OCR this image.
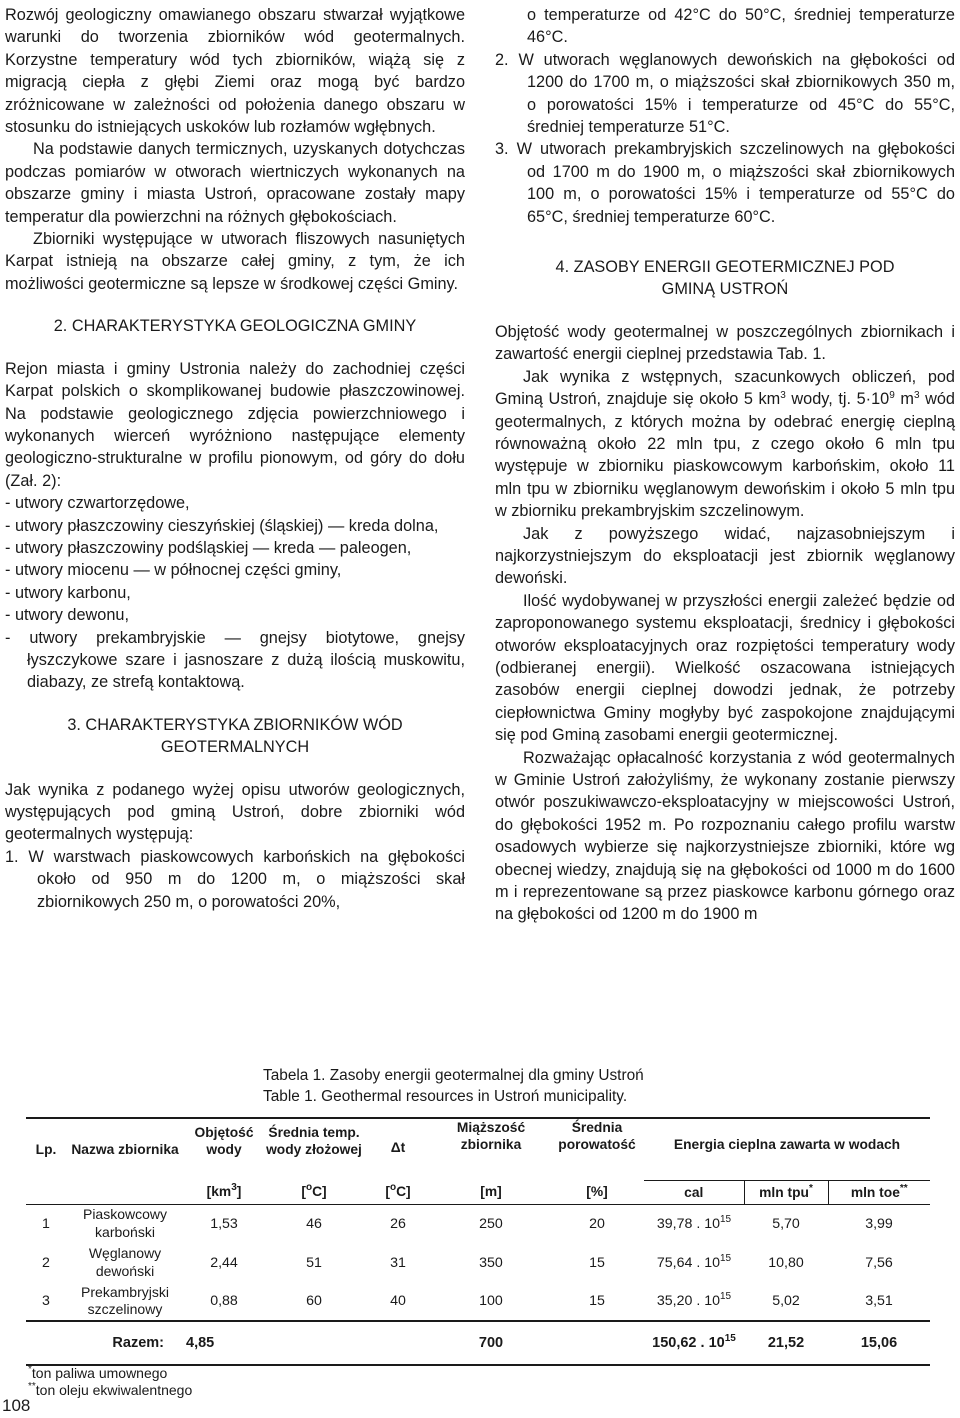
Rozwój geologiczny omawianego obszaru stwarzał wyjątkowe warunki do tworzenia zbiorników wód geotermalnych. Korzystne temperatury wód tych zbiorników, wiążą się z migracją ciepła z głębi Ziemi oraz mogą być bardzo zróżnicowane w zależności od położenia danego obszaru w stosunku do istniejących uskoków lub rozłamów wgłębnych.

Na podstawie danych termicznych, uzyskanych dotychczas podczas pomiarów w otworach wiertniczych wykonanych na obszarze gminy i miasta Ustroń, opracowane zostały mapy temperatur dla powierzchni na różnych głębokościach.

Zbiorniki występujące w utworach fliszowych nasuniętych Karpat istnieją na obszarze całej gminy, z tym, że ich możliwości geotermiczne są lepsze w środkowej części Gminy.

2. CHARAKTERYSTYKA GEOLOGICZNA GMINY

Rejon miasta i gminy Ustronia należy do zachodniej części Karpat polskich o skomplikowanej budowie płaszczowinowej. Na podstawie geologicznego zdjęcia powierzchniowego i wykonanych wierceń wyróżniono następujące elementy geologiczno-strukturalne w profilu pionowym, od góry do dołu (Zał. 2):

- utwory czwartorzędowe,
- utwory płaszczowiny cieszyńskiej (śląskiej) — kreda dolna,
- utwory płaszczowiny podśląskiej — kreda — paleogen,
- utwory miocenu — w północnej części gminy,
- utwory karbonu,
- utwory dewonu,
- utwory prekambryjskie — gnejsy biotytowe, gnejsy łyszczykowe szare i jasnoszare z dużą ilością muskowitu, diabazy, ze strefą kontaktową.
3. CHARAKTERYSTYKA ZBIORNIKÓW WÓD
GEOTERMALNYCH

Jak wynika z podanego wyżej opisu utworów geologicznych, występujących pod gminą Ustroń, dobre zbiorniki wód geotermalnych występują:

1. W warstwach piaskowcowych karbońskich na głębokości około od 950 m do 1200 m, o miąższości skał zbiornikowych 250 m, o porowatości 20%,
o temperaturze od 42°C do 50°C, średniej temperaturze 46°C.
2. W utworach węglanowych dewońskich na głębokości od 1200 do 1700 m, o miąższości skał zbiornikowych 350 m, o porowatości 15% i temperaturze od 45°C do 55°C, średniej temperaturze 51°C.
3. W utworach prekambryjskich szczelinowych na głębokości od 1700 m do 1900 m, o miąższości skał zbiornikowych 100 m, o porowatości 15% i temperaturze od 55°C do 65°C, średniej temperaturze 60°C.
4. ZASOBY ENERGII GEOTERMICZNEJ POD
GMINĄ USTROŃ

Objętość wody geotermalnej w poszczególnych zbiornikach i zawartość energii cieplnej przedstawia Tab. 1.

Jak wynika z wstępnych, szacunkowych obliczeń, pod Gminą Ustroń, znajduje się około 5 $km^3$ wody, tj. $5\cdot 10^9$ $m^3$ wód geotermalnych, z których można by odebrać energię cieplną równoważną około 22 mln tpu, z czego około 6 mln tpu występuje w zbiorniku piaskowcowym karbońskim, około 11 mln tpu w zbiorniku węglanowym dewońskim i około 5 mln tpu w zbiorniku prekambryjskim szczelinowym.

Jak z powyższego widać, najzasobniejszym i najkorzystniejszym do eksploatacji jest zbiornik węglanowy dewoński.

Ilość wydobywanej w przyszłości energii zależeć będzie od zaproponowanego systemu eksploatacji, średnicy i głębokości otworów eksploatacyjnych oraz rozpiętości temperatury wody (odbieranej energii). Wielkość oszacowana istniejących zasobów energii cieplnej dowodzi jednak, że potrzeby ciepłownictwa Gminy mogłyby być zaspokojone znajdującymi się pod Gminą zasobami energii geotermicznej.

Rozważając opłacalność korzystania z wód geotermalnych w Gminie Ustroń założyliśmy, że wykonany zostanie pierwszy otwór poszukiwawczo-eksploatacyjny w miejscowości Ustroń, do głębokości 1952 m. Po rozpoznaniu całego profilu warstw osadowych wybierze się najkorzystniejsze zbiorniki, które wg obecnej wiedzy, znajdują się na głębokości od 1000 m do 1600 m i reprezentowane są przez piaskowce karbonu górnego oraz na głębokości od 1200 m do 1900 m

Tabela 1. Zasoby energii geotermalnej dla gminy Ustroń
Table 1. Geothermal resources in Ustroń municipality.
Lp.	Nazwa zbiornika	Objętość wody	Średnia temp. wody złożowej	Δt	Miąższość zbiornika	Średnia porowatość	Energia cieplna zawarta w wodach		

		$[km^3]$	[$^o$C]	[$^o$C]	[m]	[%]	cal	mln tpu*	mln toe**
1	Piaskowcowy karboński	1,53	46	26	250	20	39,78 . $10^{15}$	5,70	3,99
2	Węglanowy dewoński	2,44	51	31	350	15	75,64 . $10^{15}$	10,80	7,56
3	Prekambryjski szczelinowy	0,88	60	40	100	15	35,20 . $10^{15}$	5,02	3,51
Razem:		4,85			700		150,62 . $10^{15}$	21,52	15,06
*ton paliwa umownego
**ton oleju ekwiwalentnego
108
